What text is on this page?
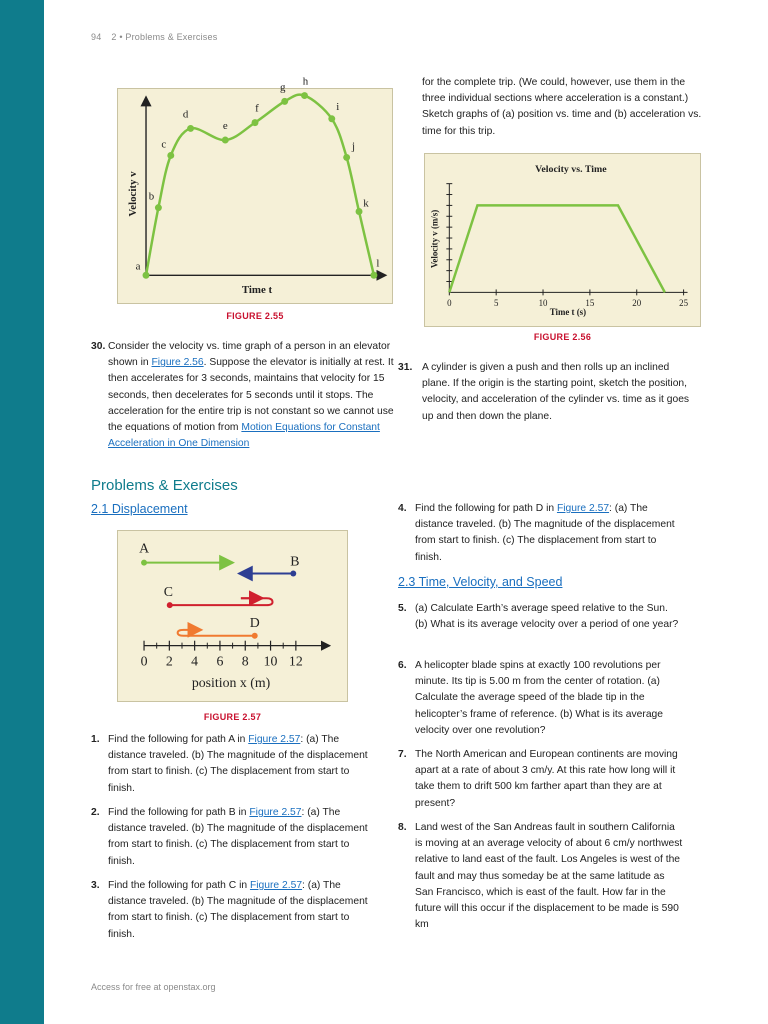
94 2 • Problems & Exercises
Velocity v
Time t
a
b
c
d
e
f
g h
i
j
k
l
FIGURE 2.55
Velocity vs. Time
0	5	10	15	20	25
Velocity v (m/s)
Time t (s)
FIGURE 2.56
30. Consider the velocity vs. time graph of a person in an elevator shown in Figure 2.56. Suppose the elevator is initially at rest. It then accelerates for 3 seconds, maintains that velocity for 15 seconds, then decelerates for 5 seconds until it stops. The acceleration for the entire trip is not constant so we cannot use the equations of motion from Motion Equations for Constant Acceleration in One Dimension
for the complete trip. (We could, however, use them in the three individual sections where acceleration is a constant.) Sketch graphs of (a) position vs. time and (b) acceleration vs. time for this trip.
31. A cylinder is given a push and then rolls up an inclined plane. If the origin is the starting point, sketch the position, velocity, and acceleration of the cylinder vs. time as it goes up and then down the plane.
Problems & Exercises
2.1 Displacement
A
B
C
D
0 2 4 6 8 10 12
position x (m)
FIGURE 2.57
1. Find the following for path A in Figure 2.57: (a) The distance traveled. (b) The magnitude of the displacement from start to finish. (c) The displacement from start to finish.
2. Find the following for path B in Figure 2.57: (a) The distance traveled. (b) The magnitude of the displacement from start to finish. (c) The displacement from start to finish.
3. Find the following for path C in Figure 2.57: (a) The distance traveled. (b) The magnitude of the displacement from start to finish. (c) The displacement from start to finish.
4. Find the following for path D in Figure 2.57: (a) The distance traveled. (b) The magnitude of the displacement from start to finish. (c) The displacement from start to finish.
2.3 Time, Velocity, and Speed
5. (a) Calculate Earth’s average speed relative to the Sun. (b) What is its average velocity over a period of one year?
6. A helicopter blade spins at exactly 100 revolutions per minute. Its tip is 5.00 m from the center of rotation. (a) Calculate the average speed of the blade tip in the helicopter’s frame of reference. (b) What is its average velocity over one revolution?
7. The North American and European continents are moving apart at a rate of about 3 cm/y. At this rate how long will it take them to drift 500 km farther apart than they are at present?
8. Land west of the San Andreas fault in southern California is moving at an average velocity of about 6 cm/y northwest relative to land east of the fault. Los Angeles is west of the fault and may thus someday be at the same latitude as San Francisco, which is east of the fault. How far in the future will this occur if the displacement to be made is 590 km
Access for free at openstax.org
